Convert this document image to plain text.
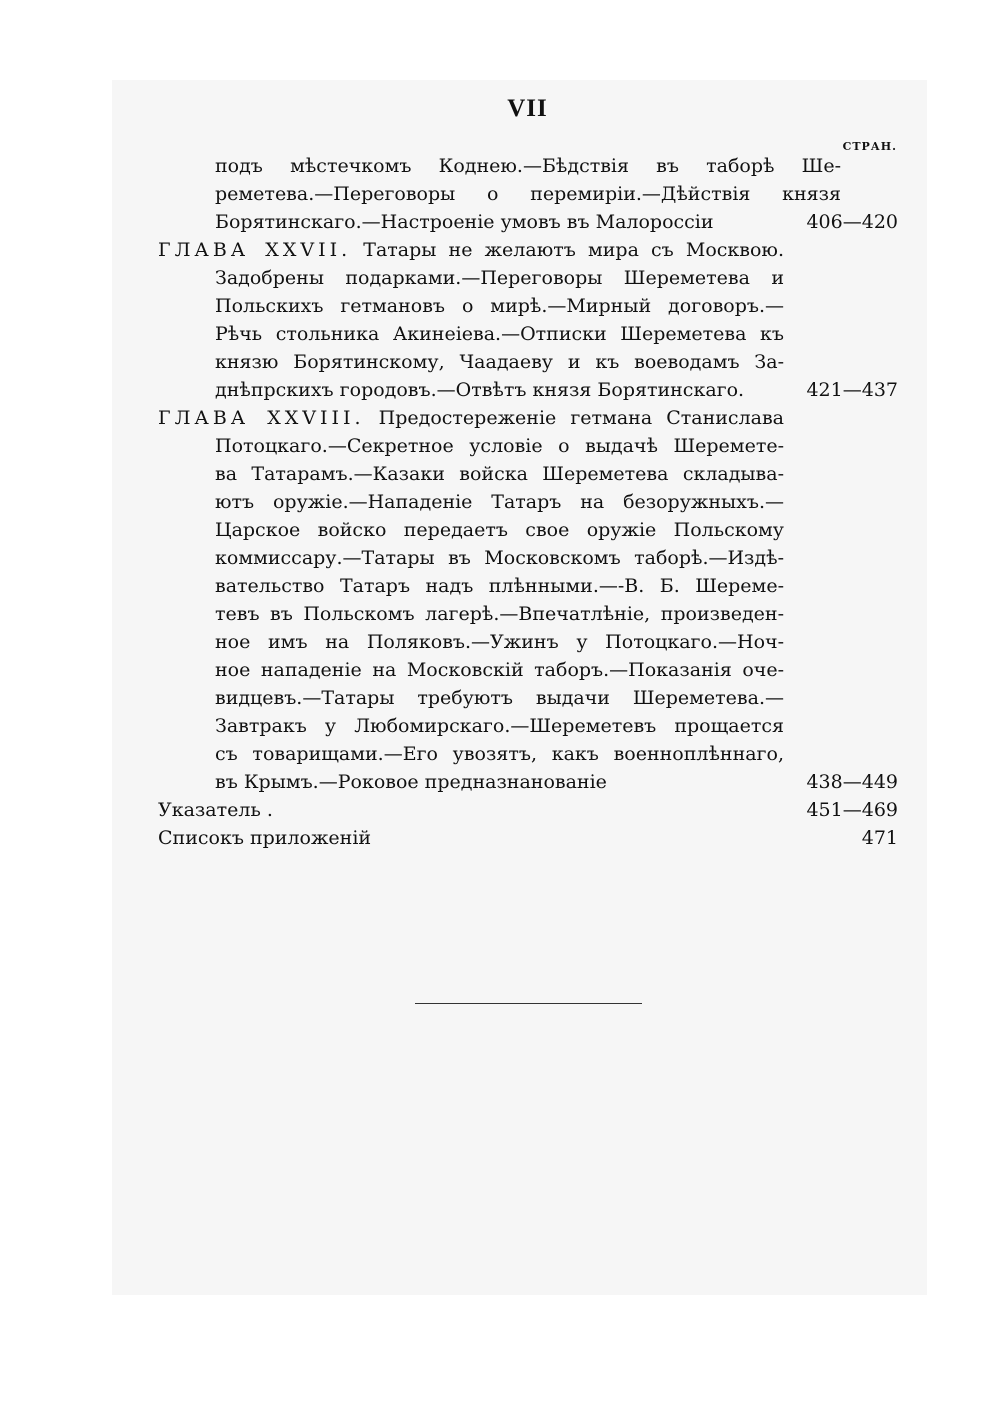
VII
СТРАН.
подъ мѣстечкомъ Коднею.—Бѣдствія въ таборѣ Ше-
реметева.—Переговоры о перемиріи.—Дѣйствія князя
Борятинскаго.—Настроеніе умовъ въ Малороссіи	406—420
ГЛАВА XXVII. Татары не желаютъ мира съ Москвою.
Задобрены подарками.—Переговоры Шереметева и
Польскихъ гетмановъ о мирѣ.—Мирный договоръ.—
Рѣчь стольника Акинеіева.—Отписки Шереметева къ
князю Борятинскому, Чаадаеву и къ воеводамъ За-
днѣпрскихъ городовъ.—Отвѣтъ князя Борятинскаго.	421—437
ГЛАВА XXVIII. Предостереженіе гетмана Станислава
Потоцкаго.—Секретное условіе о выдачѣ Шереметe-
ва Татарамъ.—Казаки войска Шереметева складыва-
ютъ оружіе.—Нападеніе Татаръ на безоружныхъ.—
Царское войско передаетъ свое оружіе Польскому
коммиссару.—Татары въ Московскомъ таборѣ.—Издѣ-
вательство Татаръ надъ плѣнными.—-В. Б. Шереме-
тевъ въ Польскомъ лагерѣ.—Впечатлѣніе, произведен-
ное имъ на Поляковъ.—Ужинъ у Потоцкаго.—Ноч-
ное нападеніе на Московскій таборъ.—Показанія оче-
видцевъ.—Татары требуютъ выдачи Шереметева.—
Завтракъ у Любомирскаго.—Шереметевъ прощается
съ товарищами.—Его увозятъ, какъ военноплѣннаго,
въ Крымъ.—Роковое предназнанованіе	438—449
Указатель .	451—469
Списокъ приложеній	471
